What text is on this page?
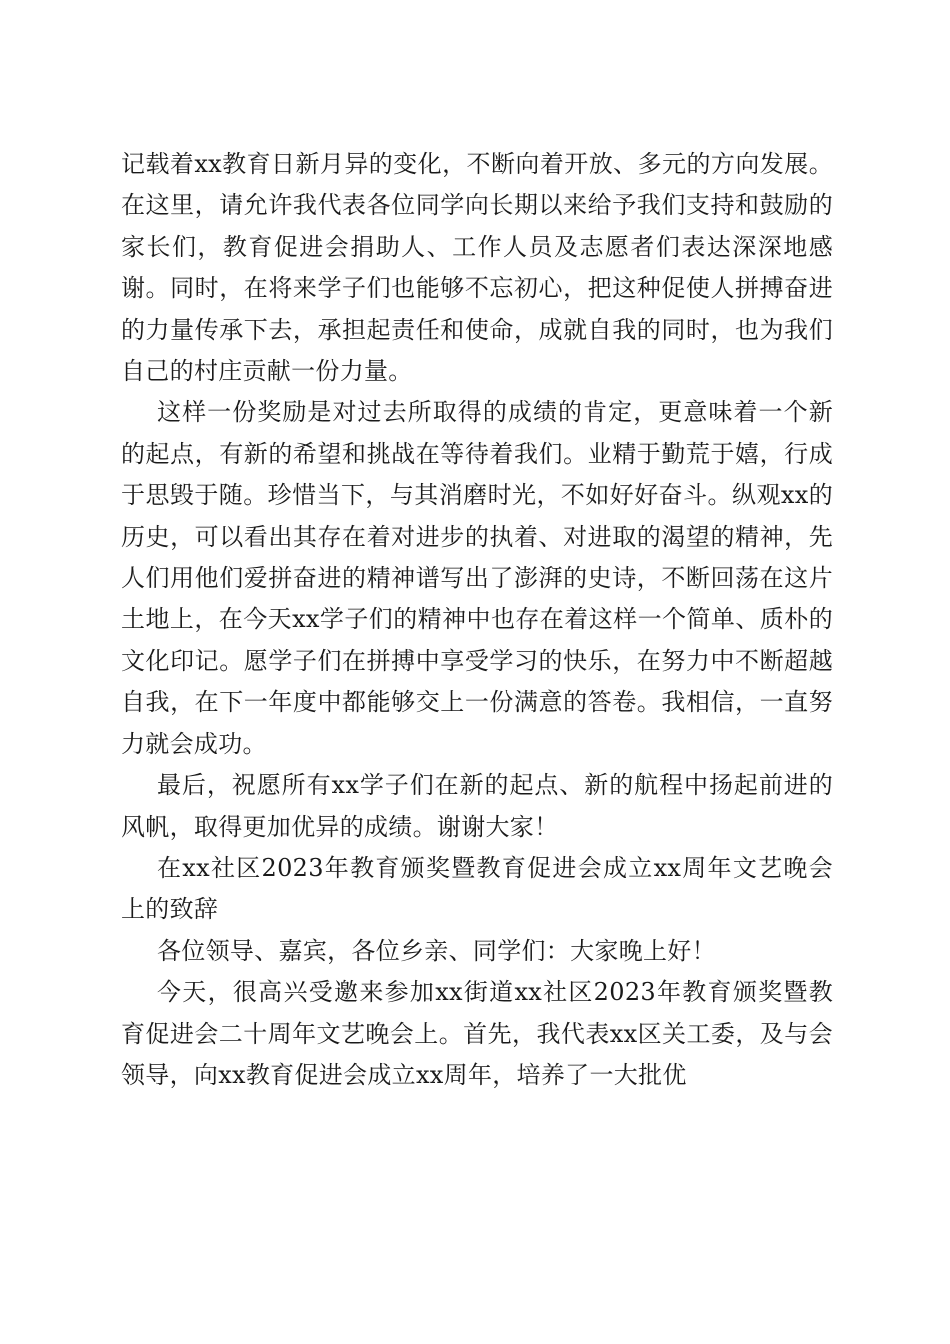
记载着xx教育日新月异的变化，不断向着开放、多元的方向发展。在这里，请允许我代表各位同学向长期以来给予我们支持和鼓励的家长们，教育促进会捐助人、工作人员及志愿者们表达深深地感谢。同时，在将来学子们也能够不忘初心，把这种促使人拼搏奋进的力量传承下去，承担起责任和使命，成就自我的同时，也为我们自己的村庄贡献一份力量。

这样一份奖励是对过去所取得的成绩的肯定，更意味着一个新的起点，有新的希望和挑战在等待着我们。业精于勤荒于嬉，行成于思毁于随。珍惜当下，与其消磨时光，不如好好奋斗。纵观xx的历史，可以看出其存在着对进步的执着、对进取的渴望的精神，先人们用他们爱拼奋进的精神谱写出了澎湃的史诗，不断回荡在这片土地上，在今天xx学子们的精神中也存在着这样一个简单、质朴的文化印记。愿学子们在拼搏中享受学习的快乐，在努力中不断超越自我，在下一年度中都能够交上一份满意的答卷。我相信，一直努力就会成功。

最后，祝愿所有xx学子们在新的起点、新的航程中扬起前进的风帆，取得更加优异的成绩。谢谢大家！

在xx社区2023年教育颁奖暨教育促进会成立xx周年文艺晚会上的致辞

各位领导、嘉宾，各位乡亲、同学们：大家晚上好！

今天，很高兴受邀来参加xx街道xx社区2023年教育颁奖暨教育促进会二十周年文艺晚会上。首先，我代表xx区关工委，及与会领导，向xx教育促进会成立xx周年，培养了一大批优
